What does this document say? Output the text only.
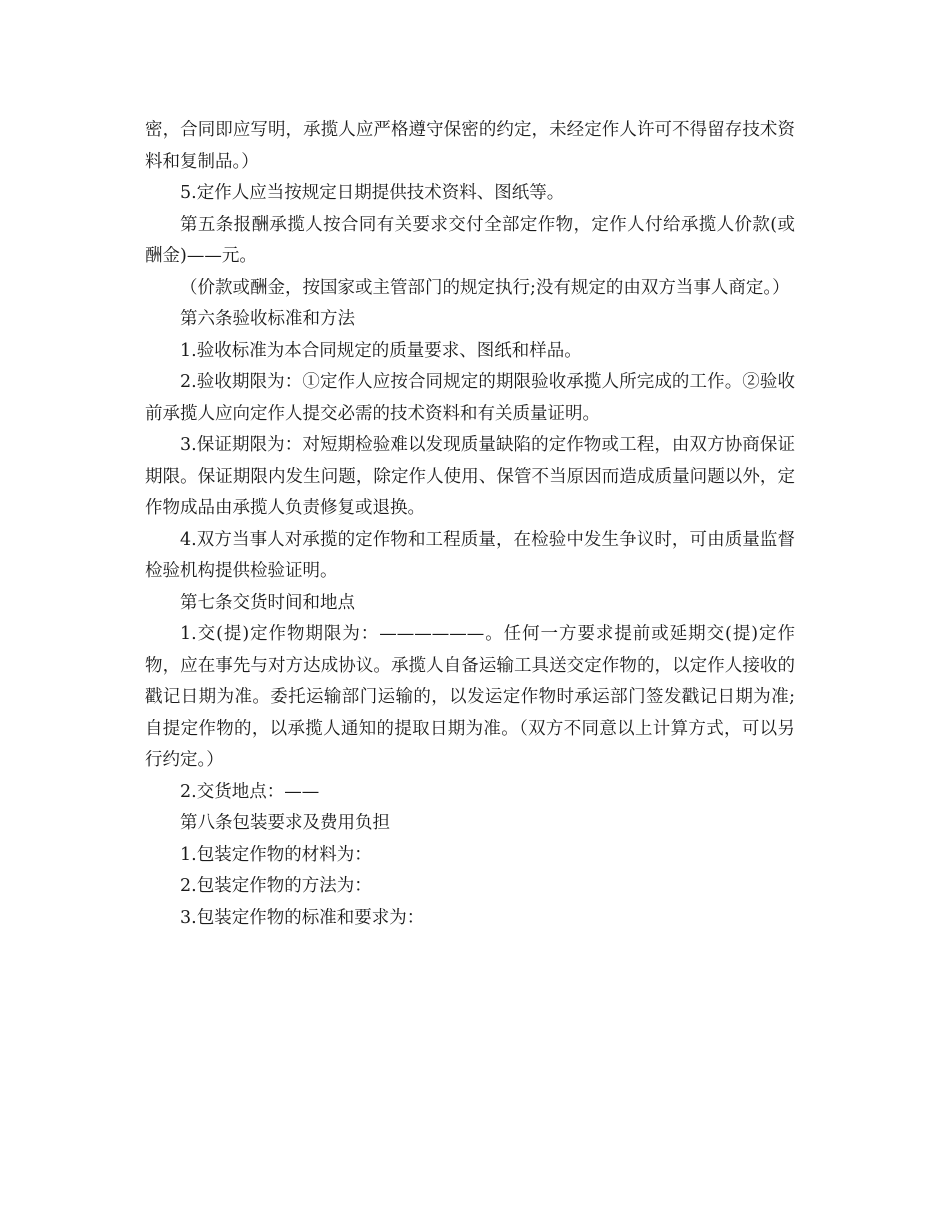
密，合同即应写明，承揽人应严格遵守保密的约定，未经定作人许可不得留存技术资料和复制品。）

5.定作人应当按规定日期提供技术资料、图纸等。

第五条报酬承揽人按合同有关要求交付全部定作物，定作人付给承揽人价款(或酬金)——元。

（价款或酬金，按国家或主管部门的规定执行;没有规定的由双方当事人商定。）

第六条验收标准和方法

1.验收标准为本合同规定的质量要求、图纸和样品。

2.验收期限为：①定作人应按合同规定的期限验收承揽人所完成的工作。②验收前承揽人应向定作人提交必需的技术资料和有关质量证明。

3.保证期限为：对短期检验难以发现质量缺陷的定作物或工程，由双方协商保证期限。保证期限内发生问题，除定作人使用、保管不当原因而造成质量问题以外，定作物成品由承揽人负责修复或退换。

4.双方当事人对承揽的定作物和工程质量，在检验中发生争议时，可由质量监督检验机构提供检验证明。

第七条交货时间和地点

1.交(提)定作物期限为：——————。任何一方要求提前或延期交(提)定作物，应在事先与对方达成协议。承揽人自备运输工具送交定作物的，以定作人接收的戳记日期为准。委托运输部门运输的，以发运定作物时承运部门签发戳记日期为准;自提定作物的，以承揽人通知的提取日期为准。（双方不同意以上计算方式，可以另行约定。）

2.交货地点：——

第八条包装要求及费用负担

1.包装定作物的材料为：

2.包装定作物的方法为：

3.包装定作物的标准和要求为：
